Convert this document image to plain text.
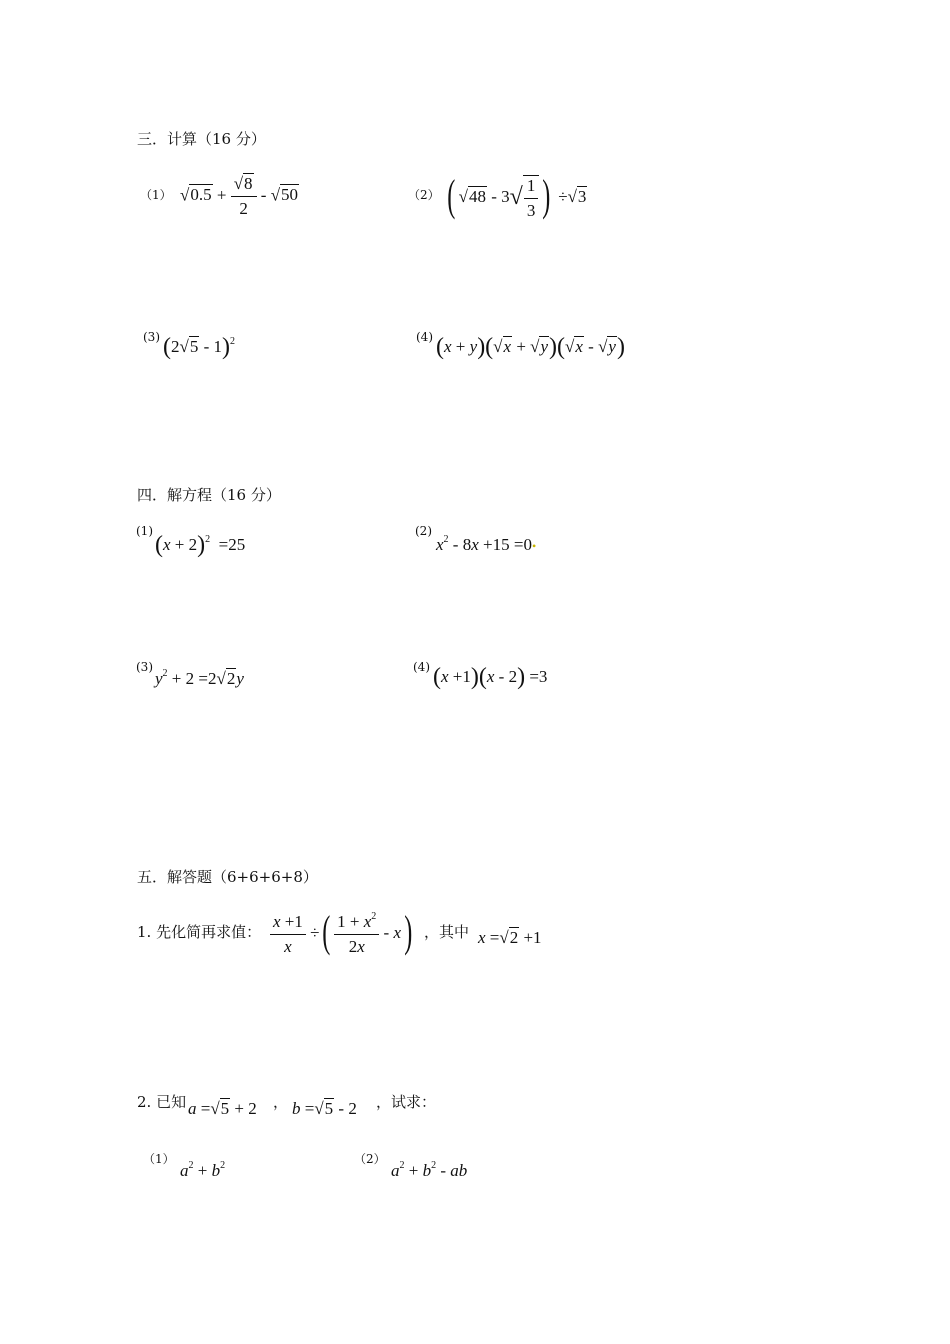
三．计算（16 分）
（1） $√0.5 + \frac{√8}{2} - √50$	（2） ( $√48 - 3√ \frac{1}{3}$ ) ÷√3
(3) (2√5 - 1)$^2$	(4) (x + y)(√x + √y)(√x - √y)
四．解方程（16 分）
(1)
$(x + 2)^2 =25$
(2)
$x^2 - 8x +15$ =0•
(3)
$y^2 + 2 =2√2y$
(4) (x +1)(x - 2) =3
五．解答题（6+6+6+8）
1. 先化简再求值： $\frac{x +1}{x}$ ÷( $\frac{1 + x^2}{2x} - x$) ，其中 x =√2 +1
2. 已知 a =√5 + 2 ， b =√5 - 2 ，试求：
（1）
$a^2 + b^2$	（2）
$a^2 + b^2$ - ab
